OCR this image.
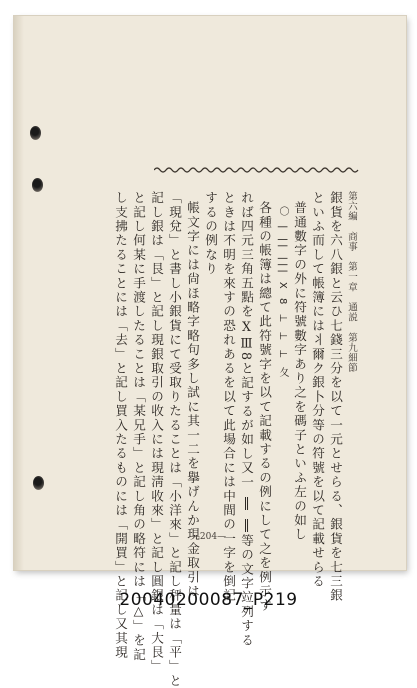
第六編　商事　第一章　通説　第九細節
銀貨を六八銀と云ひ七錢三分を以て一元とせらる、銀貨を七三銀
といふ而して帳簿には丬爾ク銀卜分等の符號を以て記載せらる
普通數字の外に符號數字あり之を碼子といふ左の如し
〇 | || ||| X 8 ⊥ ⊥ ⊥ 夂
各種の帳簿は總て此符號字を以て記載するの例にして之を例示す
れば四元三角五點をⅩⅢ8と記するが如し又一 ‖ ‖等の文字竝列する
ときは不明を來すの恐れあるを以て此場合には中間の一字を倒記
するの例なり
帳文字には尙ほ略字略句多し試に其一二を擧げんか現金取引は
「現兌」と書し小銀貨にて受取りたることは「小洋來」と記し秤量は「平」と
記し銀は「艮」と記し現銀取引の收入には現淸收來」と記し圓銀は「大艮」
と記し何某に手渡したることは「某兄手」と記し角の略符には「△」を記
し支拂たることには「去」と記し買入たるものには「開買」と記し又其現	—204—
20040200087_P219
